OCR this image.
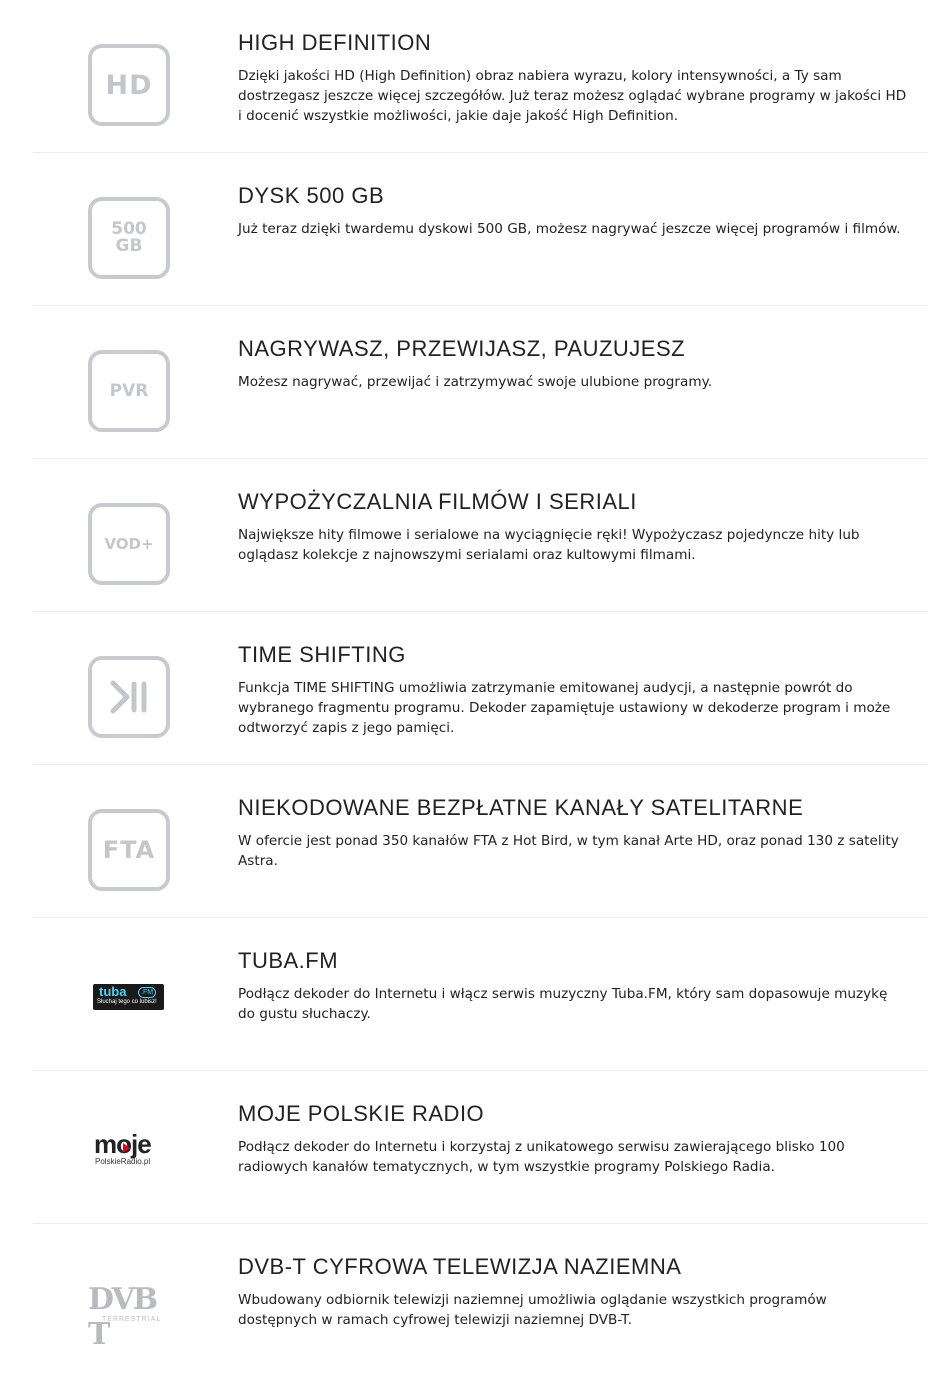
HD
HIGH DEFINITION

Dzięki jakości HD (High Definition) obraz nabiera wyrazu, kolory intensywności, a Ty sam dostrzegasz jeszcze więcej szczegółów. Już teraz możesz oglądać wybrane programy w jakości HD i docenić wszystkie możliwości, jakie daje jakość High Definition.

500
GB
DYSK 500 GB

Już teraz dzięki twardemu dyskowi 500 GB, możesz nagrywać jeszcze więcej programów i filmów.

PVR
NAGRYWASZ, PRZEWIJASZ, PAUZUJESZ

Możesz nagrywać, przewijać i zatrzymywać swoje ulubione programy.

VOD+
WYPOŻYCZALNIA FILMÓW I SERIALI

Największe hity filmowe i serialowe na wyciągnięcie ręki! Wypożyczasz pojedyncze hity lub oglądasz kolekcje z najnowszymi serialami oraz kultowymi filmami.

TIME SHIFTING

Funkcja TIME SHIFTING umożliwia zatrzymanie emitowanej audycji, a następnie powrót do wybranego fragmentu programu. Dekoder zapamiętuje ustawiony w dekoderze program i może odtworzyć zapis z jego pamięci.

FTA
NIEKODOWANE BEZPŁATNE KANAŁY SATELITARNE

W ofercie jest ponad 350 kanałów FTA z Hot Bird, w tym kanał Arte HD, oraz ponad 130 z satelity Astra.

tuba	.FM
Słuchaj tego co lubisz!
TUBA.FM

Podłącz dekoder do Internetu i włącz serwis muzyczny Tuba.FM, który sam dopasowuje muzykę do gustu słuchaczy.

moje
PolskieRadio.pl
MOJE POLSKIE RADIO

Podłącz dekoder do Internetu i korzystaj z unikatowego serwisu zawierającego blisko 100 radiowych kanałów tematycznych, w tym wszystkie programy Polskiego Radia.

DVB T
TERRESTRIAL
DVB-T CYFROWA TELEWIZJA NAZIEMNA

Wbudowany odbiornik telewizji naziemnej umożliwia oglądanie wszystkich programów dostępnych w ramach cyfrowej telewizji naziemnej DVB-T.
